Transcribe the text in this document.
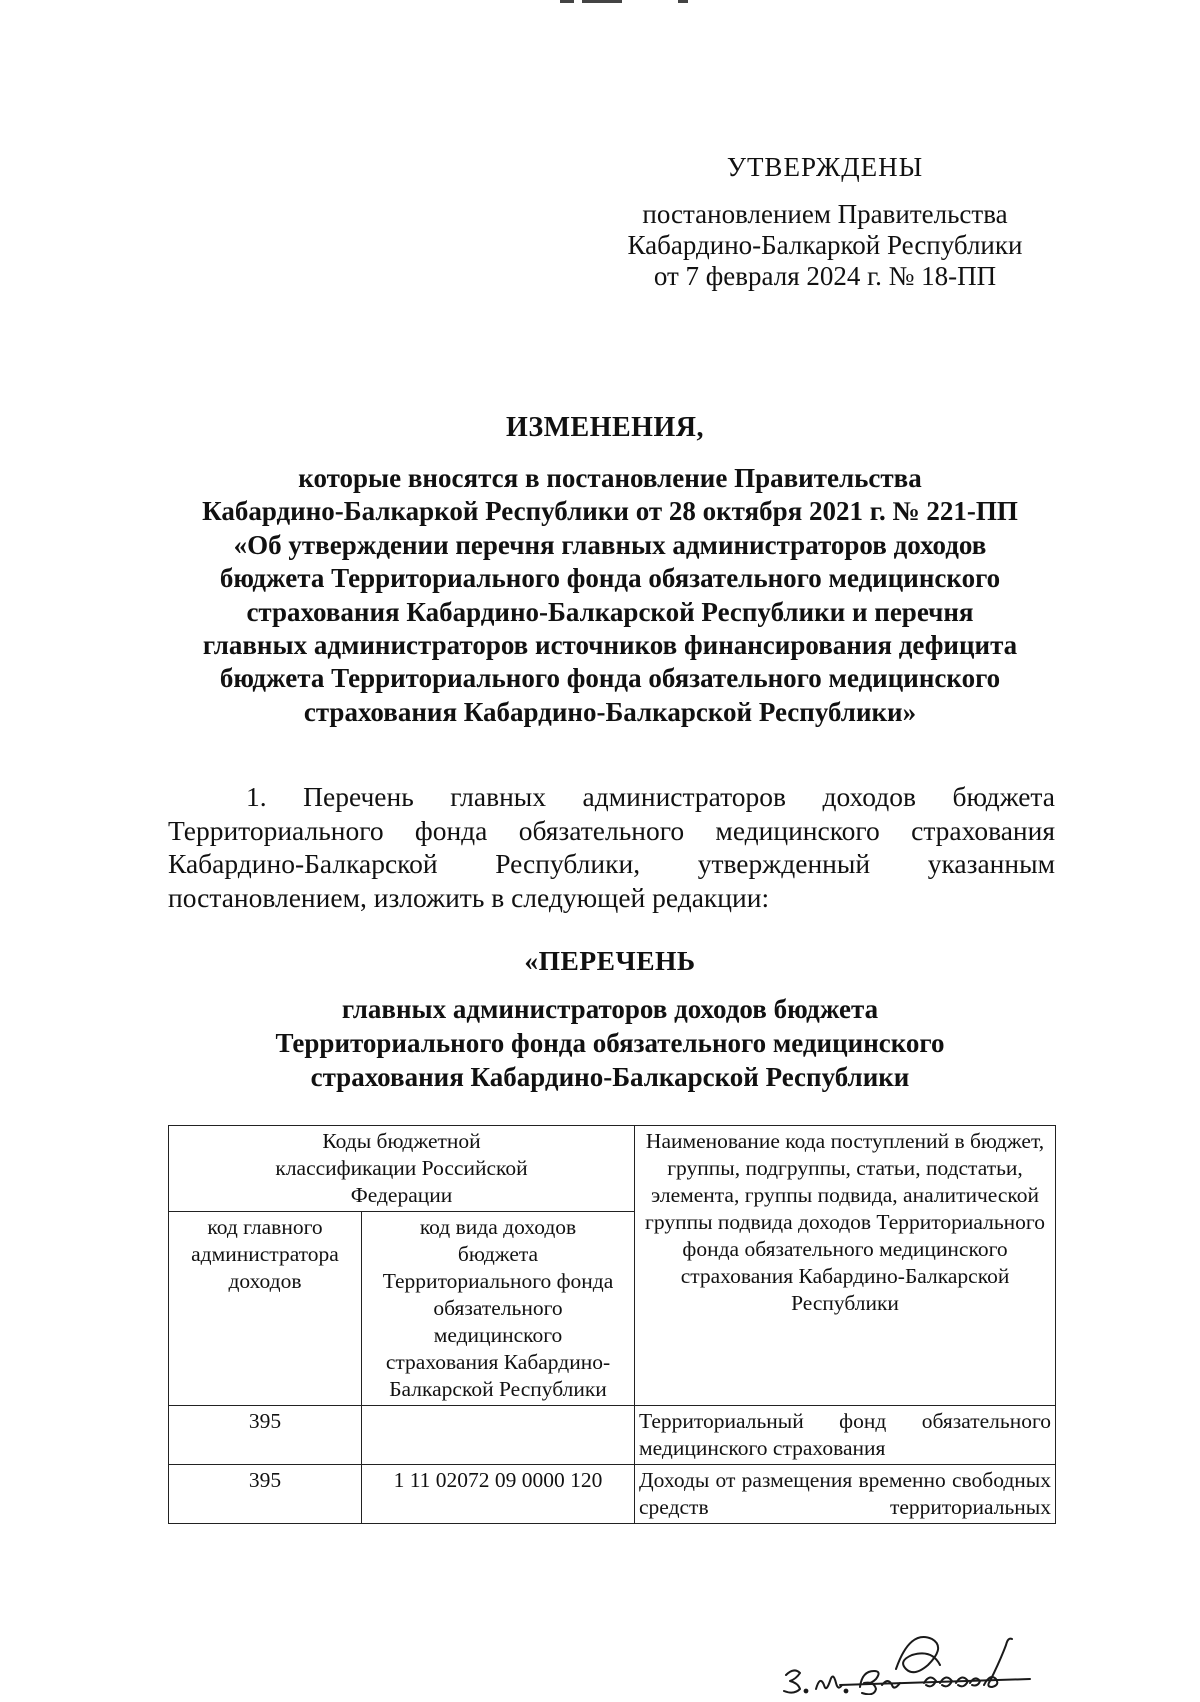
УТВЕРЖДЕНЫ
постановлением Правительства
Кабардино-Балкаркой Республики
от 7 февраля 2024 г. № 18-ПП
ИЗМЕНЕНИЯ,
которые вносятся в постановление Правительства
Кабардино-Балкаркой Республики от 28 октября 2021 г. № 221-ПП
«Об утверждении перечня главных администраторов доходов
бюджета Территориального фонда обязательного медицинского
страхования Кабардино-Балкарской Республики и перечня
главных администраторов источников финансирования дефицита
бюджета Территориального фонда обязательного медицинского
страхования Кабардино-Балкарской Республики»
1. Перечень главных администраторов доходов бюджета Территориального фонда обязательного медицинского страхования Кабардино-Балкарской Республики, утвержденный указанным постановлением, изложить в следующей редакции:
«ПЕРЕЧЕНЬ
главных администраторов доходов бюджета
Территориального фонда обязательного медицинского
страхования Кабардино-Балкарской Республики
Коды бюджетной классификации Российской Федерации		Наименование кода поступлений в бюджет, группы, подгруппы, статьи, подстатьи, элемента, группы подвида, аналитической группы подвида доходов Территориального фонда обязательного медицинского страхования Кабардино-Балкарской Республики

код главного администратора доходов	код вида доходов бюджета Территориального фонда обязательного медицинского страхования Кабардино-Балкарской Республики	

395		Территориальный фонд обязательного медицинского страхования
395	1 11 02072 09 0000 120	Доходы от размещения временно свободных средств территориальных
